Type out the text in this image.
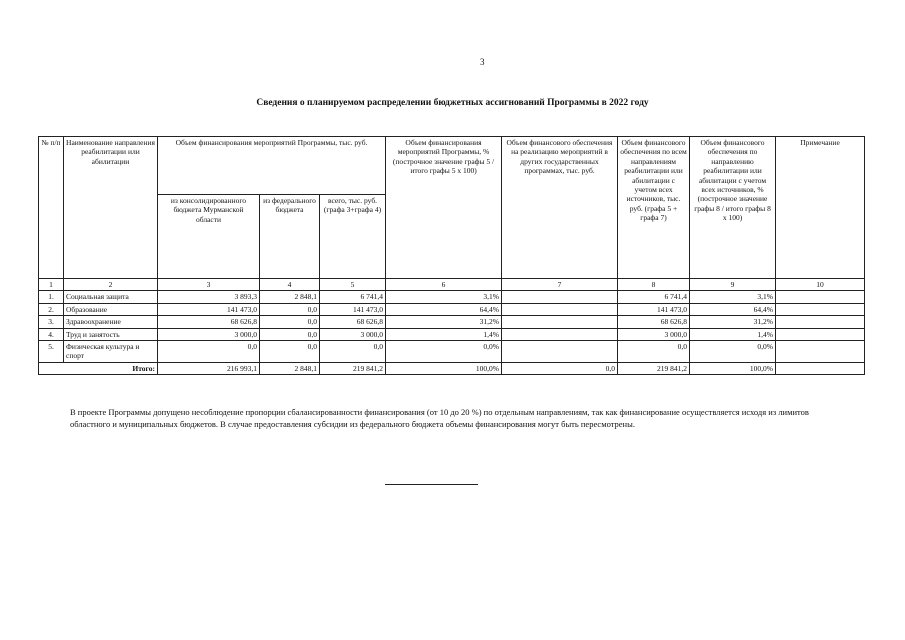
3
Сведения о планируемом распределении бюджетных ассигнований Программы в 2022 году
№ п/п	Наименование направления реабилитации или абилитации	Объем финансирования мероприятий Программы, тыс. руб.			Объем финансирования мероприятий Программы, % (построчное значение графы 5 / итого графы 5 х 100)	Объем финансового обеспечения на реализацию мероприятий в других государственных программах, тыс. руб.	Объем финансового обеспечения по всем направлениям реабилитации или абилитации с учетом всех источников, тыс. руб. (графа 5 + графа 7)	Объем финансового обеспечения по направлению реабилитации или абилитации с учетом всех источников, % (построчное значение графы 8 / итого графы 8 х 100)	Примечание
		из консолидированного бюджета Мурманской области	из федерального бюджета	всего, тыс. руб. (графа 3+графа 4)					
1	2	3	4	5	6	7	8	9	10
1.	Социальная защита	3 893,3	2 848,1	6 741,4	3,1%		6 741,4	3,1%	
2.	Образование	141 473,0	0,0	141 473,0	64,4%		141 473,0	64,4%	
3.	Здравоохранение	68 626,8	0,0	68 626,8	31,2%		68 626,8	31,2%	
4.	Труд и занятость	3 000,0	0,0	3 000,0	1,4%		3 000,0	1,4%	
5.	Физическая культура и спорт	0,0	0,0	0,0	0,0%		0,0	0,0%	
Итого:		216 993,1	2 848,1	219 841,2	100,0%	0,0	219 841,2	100,0%	
В проекте Программы допущено несоблюдение пропорции сбалансированности финансирования (от 10 до 20 %) по отдельным направлениям, так как финансирование осуществляется исходя из лимитов областного и муниципальных бюджетов. В случае предоставления субсидии из федерального бюджета объемы финансирования могут быть пересмотрены.
